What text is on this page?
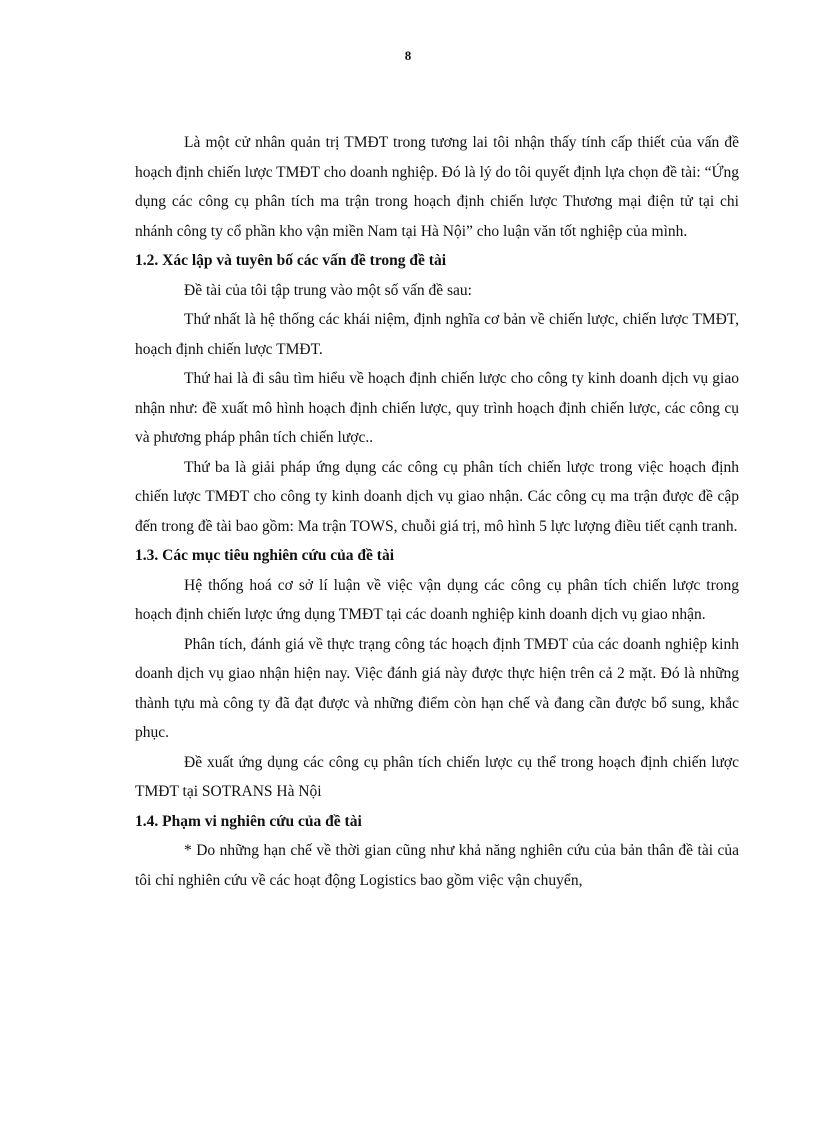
8

Là một cử nhân quản trị TMĐT trong tương lai tôi nhận thấy tính cấp thiết của vấn đề hoạch định chiến lược TMĐT cho doanh nghiệp. Đó là lý do tôi quyết định lựa chọn đề tài: “Ứng dụng các công cụ phân tích ma trận trong hoạch định chiến lược Thương mại điện tử tại chi nhánh công ty cổ phần kho vận miền Nam tại Hà Nội” cho luận văn tốt nghiệp của mình.

1.2. Xác lập và tuyên bố các vấn đề trong đề tài

Đề tài của tôi tập trung vào một số vấn đề sau:

Thứ nhất là hệ thống các khái niệm, định nghĩa cơ bản về chiến lược, chiến lược TMĐT, hoạch định chiến lược TMĐT.

Thứ hai là đi sâu tìm hiểu về hoạch định chiến lược cho công ty kinh doanh dịch vụ giao nhận như: đề xuất mô hình hoạch định chiến lược, quy trình hoạch định chiến lược, các công cụ và phương pháp phân tích chiến lược..

Thứ ba là giải pháp ứng dụng các công cụ phân tích chiến lược trong việc hoạch định chiến lược TMĐT cho công ty kinh doanh dịch vụ giao nhận. Các công cụ ma trận được đề cập đến trong đề tài bao gồm: Ma trận TOWS, chuỗi giá trị, mô hình 5 lực lượng điều tiết cạnh tranh.

1.3. Các mục tiêu nghiên cứu của đề tài

Hệ thống hoá cơ sở lí luận về việc vận dụng các công cụ phân tích chiến lược trong hoạch định chiến lược ứng dụng TMĐT tại các doanh nghiệp kinh doanh dịch vụ giao nhận.

Phân tích, đánh giá về thực trạng công tác hoạch định TMĐT của các doanh nghiệp kinh doanh dịch vụ giao nhận hiện nay. Việc đánh giá này được thực hiện trên cả 2 mặt. Đó là những thành tựu mà công ty đã đạt được và những điểm còn hạn chế và đang cần được bổ sung, khắc phục.

Đề xuất ứng dụng các công cụ phân tích chiến lược cụ thể trong hoạch định chiến lược TMĐT tại SOTRANS Hà Nội

1.4. Phạm vi nghiên cứu của đề tài

* Do những hạn chế về thời gian cũng như khả năng nghiên cứu của bản thân đề tài của tôi chỉ nghiên cứu về các hoạt động Logistics bao gồm việc vận chuyển,
